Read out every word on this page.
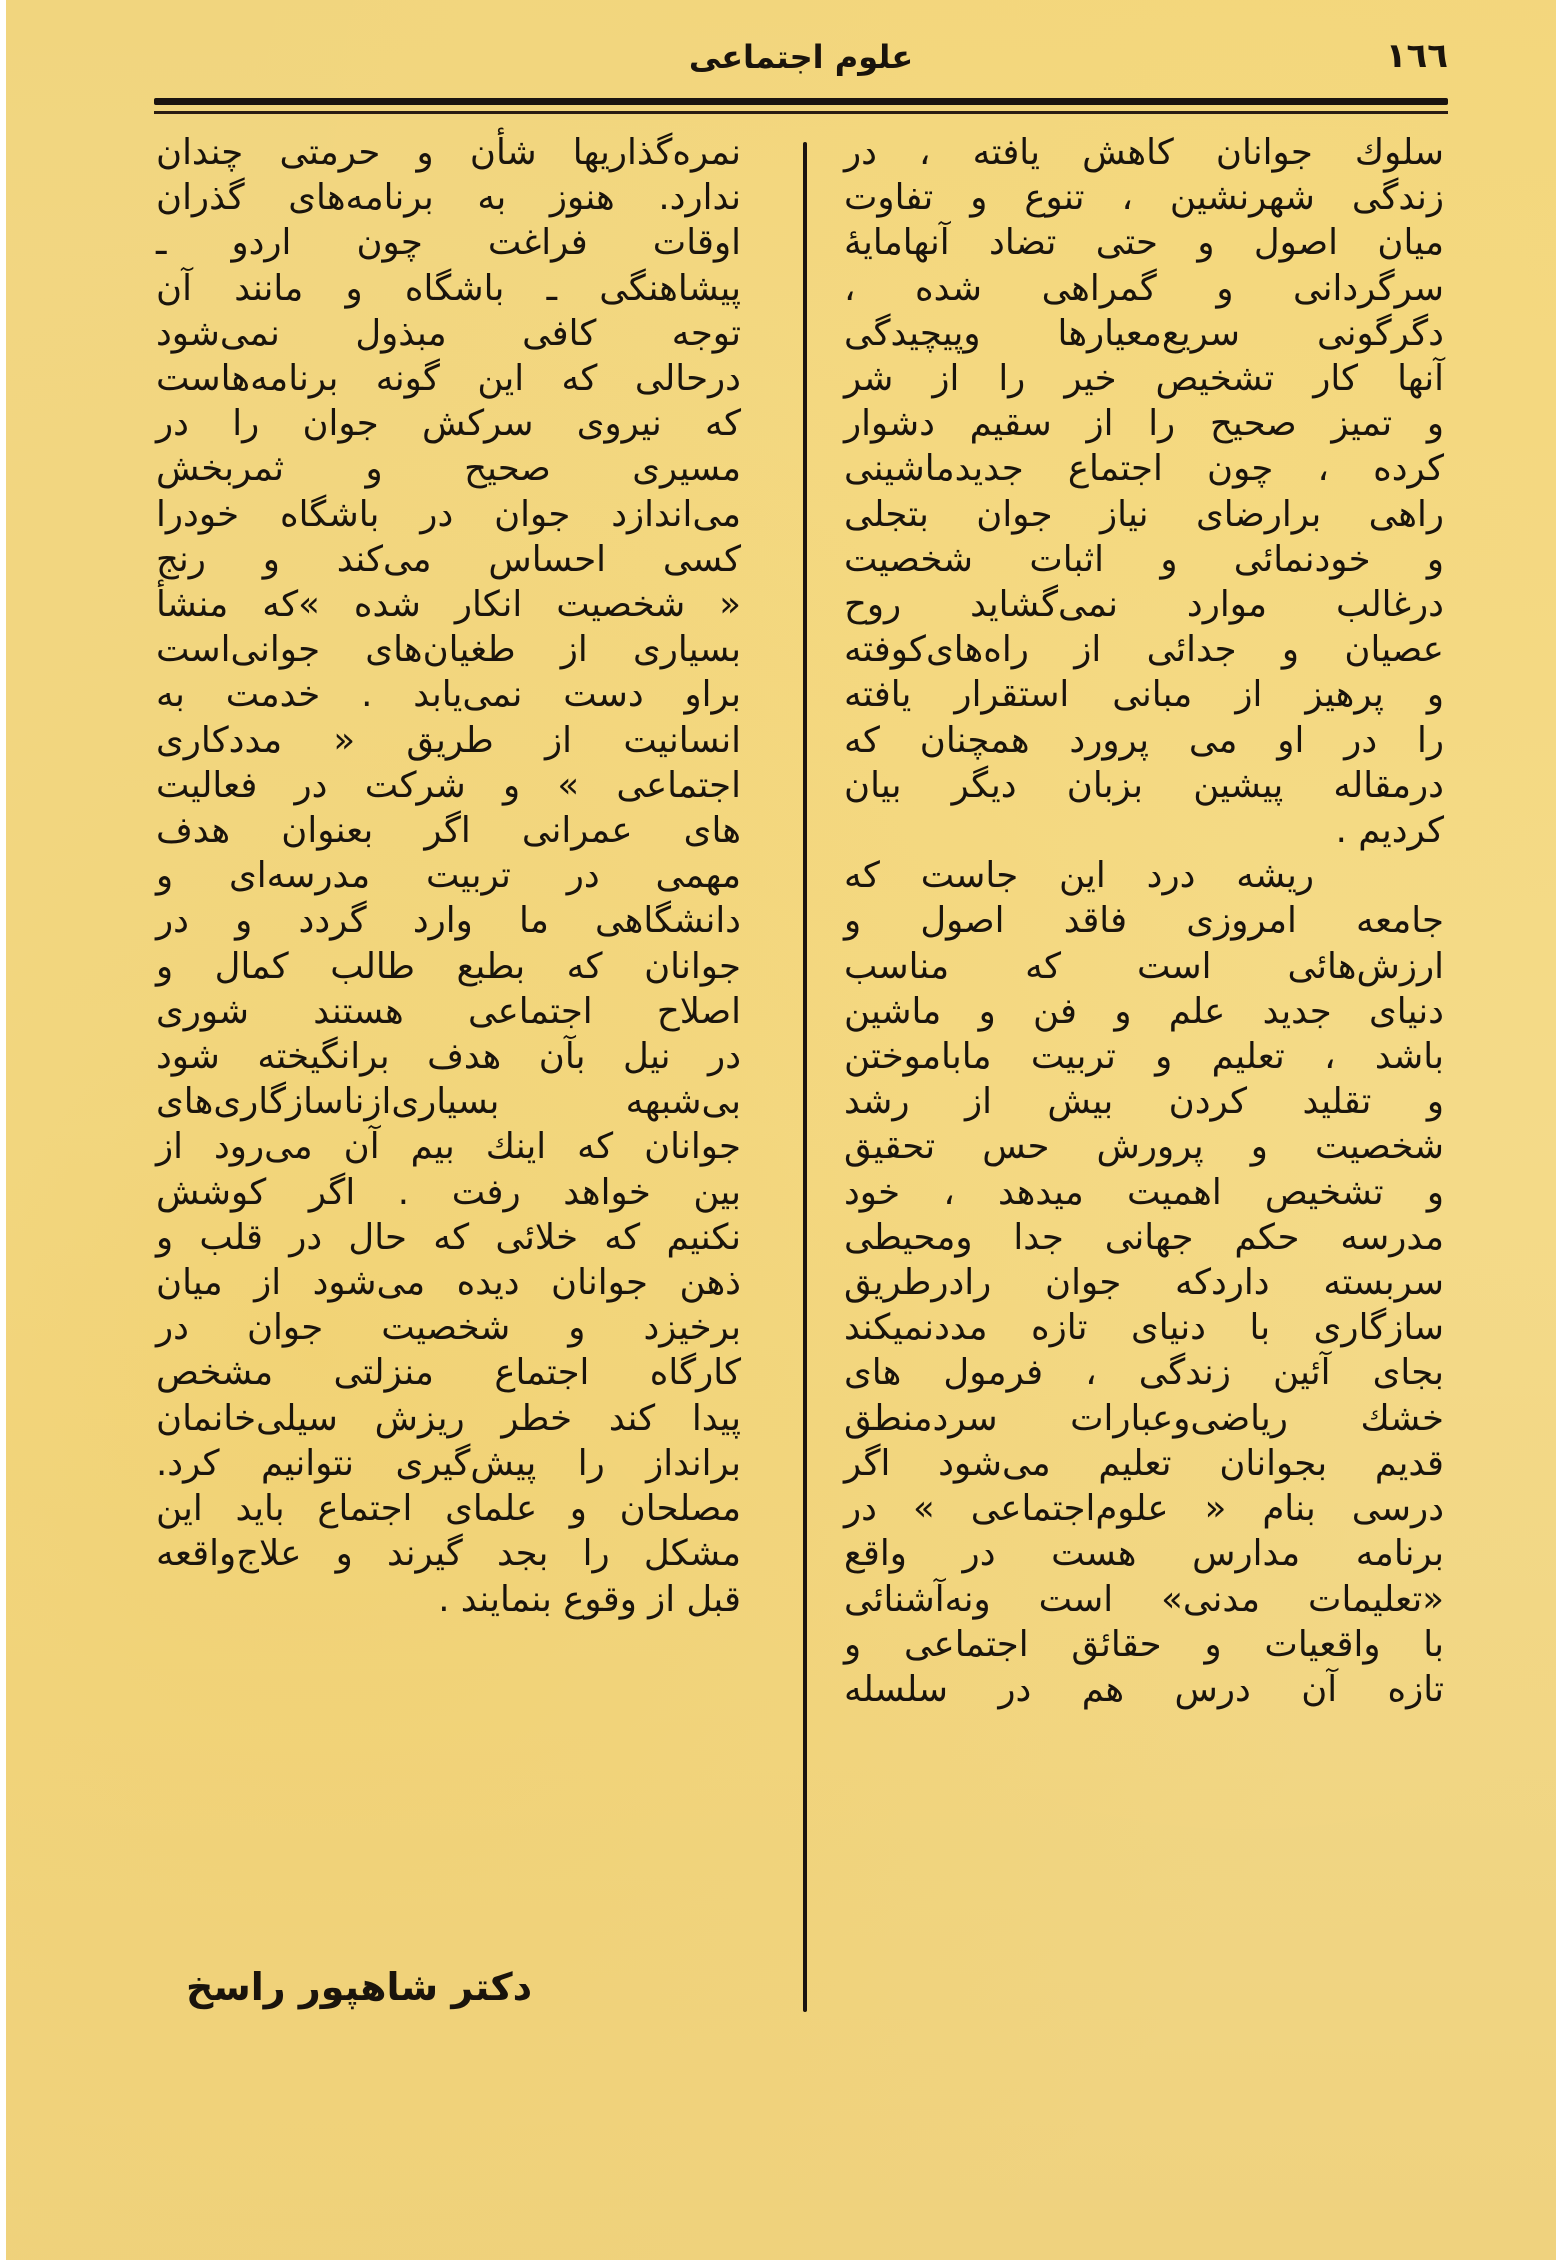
١٦٦
علوم اجتماعی
سلوك جوانان كاهش یافته ، در
زندگی شهرنشین ، تنوع و تفاوت
میان اصول و حتی تضاد آنهامایهٔ
سرگردانی و گمراهی شده ،
دگرگونی سریع‌معیارها وپیچیدگی
آنها كار تشخیص خیر را از شر
و تمیز صحیح را از سقیم دشوار
كرده ، چون اجتماع جدیدماشینی
راهی برارضای نیاز جوان بتجلی
و خودنمائی و اثبات شخصیت
درغالب موارد نمی‌گشاید روح
عصیان و جدائی از راه‌های‌كوفته
و پرهیز از مبانی استقرار یافته
را در او می پرورد همچنان كه
درمقاله پیشین بزبان دیگر بیان
كردیم .
ریشه درد این جاست كه
جامعه امروزی فاقد اصول و
ارزش‌هائی است كه مناسب
دنیای جدید علم و فن و ماشین
باشد ، تعلیم و تربیت ماباموختن
و تقلید كردن بیش از رشد
شخصیت و پرورش حس تحقیق
و تشخیص اهمیت میدهد ، خود
مدرسه حكم جهانی جدا ومحیطی
سربسته داردكه جوان رادرطریق
سازگاری با دنیای تازه مددنمیكند
بجای آئین زندگی ، فرمول های
خشك ریاضی‌وعبارات سردمنطق
قدیم بجوانان تعلیم می‌شود اگر
درسی بنام « علوم‌اجتماعی » در
برنامه مدارس هست در واقع
«تعلیمات مدنی» است ونه‌آشنائی
با واقعیات و حقائق اجتماعی و
تازه آن درس هم در سلسله
نمره‌گذاریها شأن و حرمتی چندان
ندارد. هنوز به برنامه‌های گذران
اوقات فراغت چون اردو ـ
پیشاهنگی ـ باشگاه و مانند آن
توجه كافی مبذول نمی‌شود
درحالی كه این گونه برنامه‌هاست
كه نیروی سركش جوان را در
مسیری صحیح و ثمربخش
می‌اندازد جوان در باشگاه خودرا
كسی احساس می‌كند و رنج
« شخصیت انكار شده »كه منشأ
بسیاری از طغیان‌های جوانی‌است
براو دست نمی‌یابد . خدمت به
انسانیت از طریق « مددكاری
اجتماعی » و شركت در فعالیت
های عمرانی اگر بعنوان هدف
مهمی در تربیت مدرسه‌ای و
دانشگاهی ما وارد گردد و در
جوانان كه بطبع طالب كمال و
اصلاح اجتماعی هستند شوری
در نیل بآن هدف برانگیخته شود
بی‌شبهه بسیاری‌ازناسازگاری‌های
جوانان كه اینك بیم آن می‌رود از
بین خواهد رفت . اگر كوشش
نكنیم كه خلائی كه حال در قلب و
ذهن جوانان دیده می‌شود از میان
برخیزد و شخصیت جوان در
كارگاه اجتماع منزلتی مشخص
پیدا كند خطر ریزش سیلی‌خانمان
برانداز را پیش‌گیری نتوانیم كرد.
مصلحان و علمای اجتماع باید این
مشكل را بجد گیرند و علاج‌واقعه
قبل از وقوع بنمایند .
دكتر شاهپور راسخ
